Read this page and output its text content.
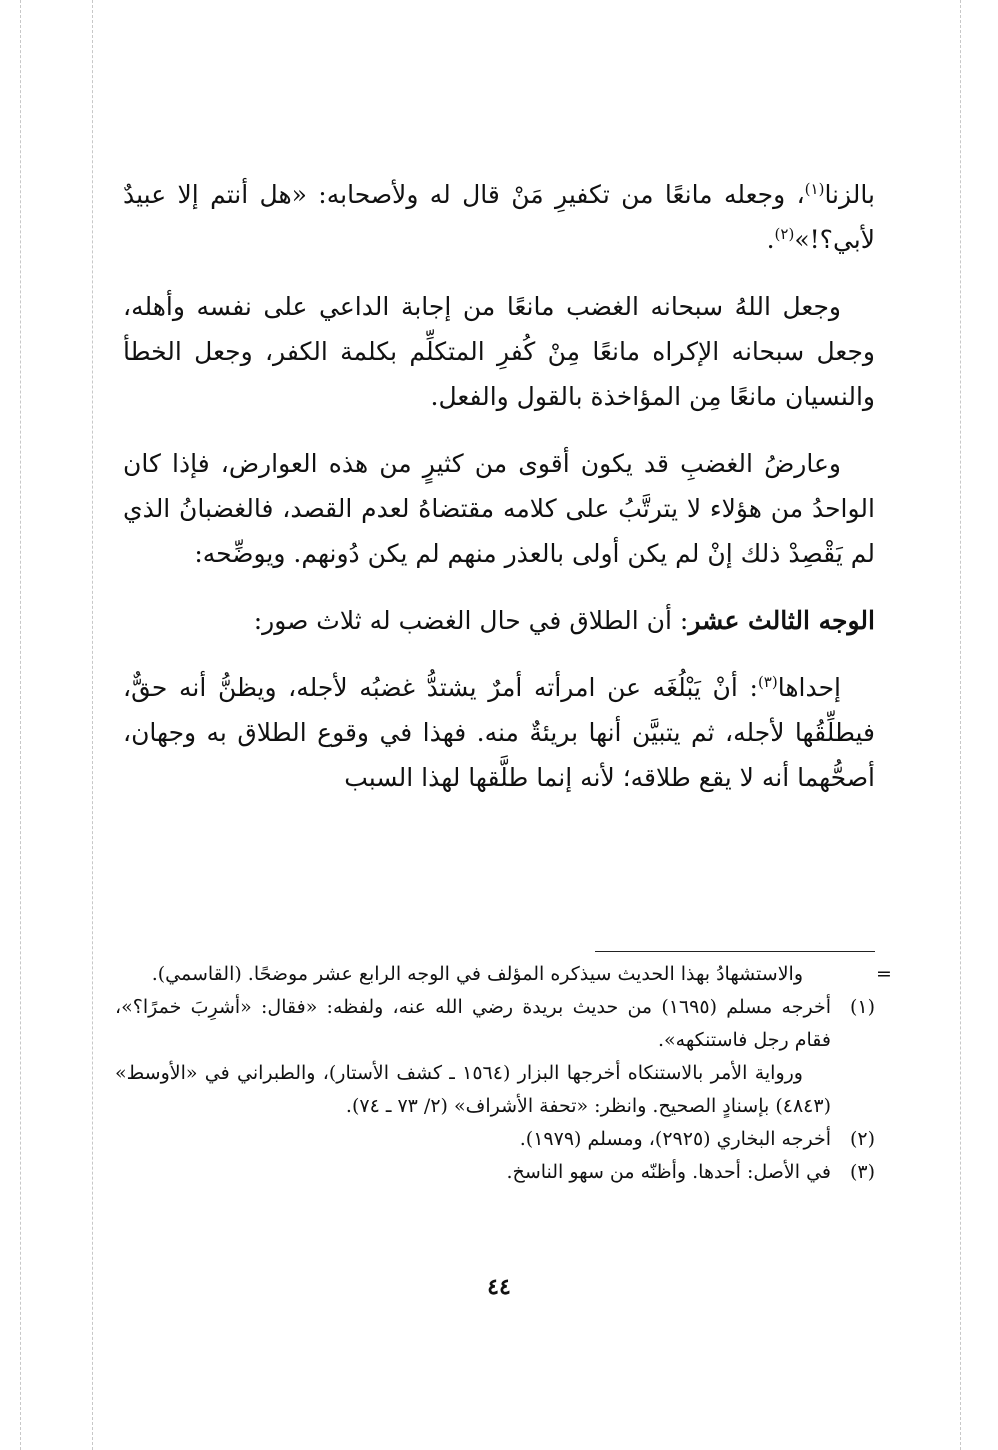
بالزنا$^{(١)}$، وجعله مانعًا من تكفيرِ مَنْ قال له ولأصحابه: «هل أنتم إلا عبيدٌ لأبي؟!»$^{(٢)}$.

وجعل اللهُ سبحانه الغضب مانعًا من إجابة الداعي على نفسه وأهله، وجعل سبحانه الإكراه مانعًا مِنْ كُفرِ المتكلِّم بكلمة الكفر، وجعل الخطأ والنسيان مانعًا مِن المؤاخذة بالقول والفعل.

وعارضُ الغضبِ قد يكون أقوى من كثيرٍ من هذه العوارض، فإذا كان الواحدُ من هؤلاء لا يترتَّبُ على كلامه مقتضاهُ لعدم القصد، فالغضبانُ الذي لم يَقْصِدْ ذلك إنْ لم يكن أولى بالعذر منهم لم يكن دُونهم. ويوضِّحه:

الوجه الثالث عشر: أن الطلاق في حال الغضب له ثلاث صور:

إحداها$^{(٣)}$: أنْ يَبْلُغَه عن امرأته أمرٌ يشتدُّ غضبُه لأجله، ويظنُّ أنه حقٌّ، فيطلِّقُها لأجله، ثم يتبيَّن أنها بريئةٌ منه. فهذا في وقوع الطلاق به وجهان، أصحُّهما أنه لا يقع طلاقه؛ لأنه إنما طلَّقها لهذا السبب

=
والاستشهادُ بهذا الحديث سيذكره المؤلف في الوجه الرابع عشر موضحًا. (القاسمي).
(١)
أخرجه مسلم (١٦٩٥) من حديث بريدة رضي الله عنه، ولفظه: «فقال: «أشرِبَ خمرًا؟»، فقام رجل فاستنكهه».
ورواية الأمر بالاستنكاه أخرجها البزار (١٥٦٤ ـ كشف الأستار)، والطبراني في «الأوسط» (٤٨٤٣) بإسنادٍ الصحيح. وانظر: «تحفة الأشراف» (٢/ ٧٣ ـ ٧٤).
(٢)
أخرجه البخاري (٢٩٢٥)، ومسلم (١٩٧٩).
(٣)
في الأصل: أحدها. وأظنّه من سهو الناسخ.
٤٤
